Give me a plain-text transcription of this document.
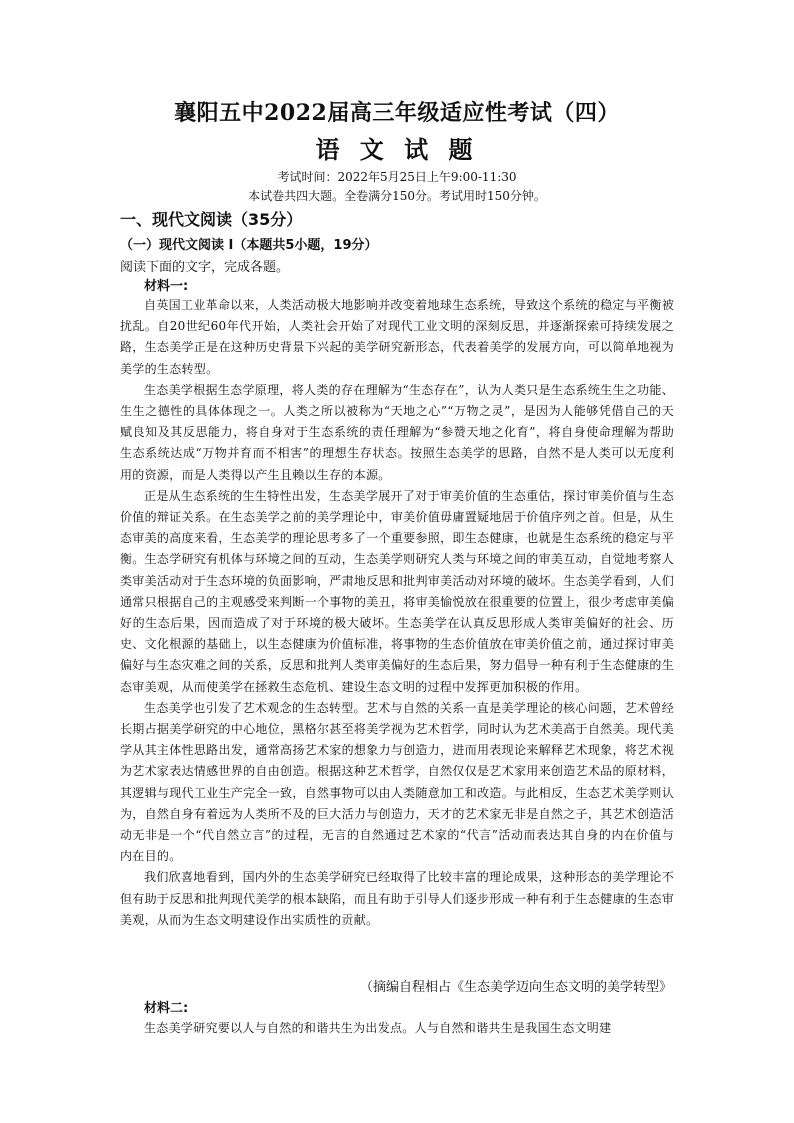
襄阳五中2022届高三年级适应性考试（四）
语 文 试 题
考试时间：2022年5月25日上午9:00-11:30
本试卷共四大题。全卷满分150分。考试用时150分钟。
一、现代文阅读（35分）
（一）现代文阅读 I（本题共5小题，19分）
阅读下面的文字，完成各题。
材料一:

自英国工业革命以来，人类活动极大地影响并改变着地球生态系统，导致这个系统的稳定与平衡被扰乱。自20世纪60年代开始，人类社会开始了对现代工业文明的深刻反思，并逐渐探索可持续发展之路，生态美学正是在这种历史背景下兴起的美学研究新形态，代表着美学的发展方向，可以简单地视为美学的生态转型。

生态美学根据生态学原理，将人类的存在理解为“生态存在”，认为人类只是生态系统生生之功能、生生之德性的具体体现之一。人类之所以被称为“天地之心”“万物之灵”，是因为人能够凭借自己的天赋良知及其反思能力，将自身对于生态系统的责任理解为“参赞天地之化育”，将自身使命理解为帮助生态系统达成“万物并育而不相害”的理想生存状态。按照生态美学的思路，自然不是人类可以无度利用的资源，而是人类得以产生且赖以生存的本源。

正是从生态系统的生生特性出发，生态美学展开了对于审美价值的生态重估，探讨审美价值与生态价值的辩证关系。在生态美学之前的美学理论中，审美价值毋庸置疑地居于价值序列之首。但是，从生态审美的高度来看，生态美学的理论思考多了一个重要参照，即生态健康，也就是生态系统的稳定与平衡。生态学研究有机体与环境之间的互动，生态美学则研究人类与环境之间的审美互动，自觉地考察人类审美活动对于生态环境的负面影响，严肃地反思和批判审美活动对环境的破坏。生态美学看到，人们通常只根据自己的主观感受来判断一个事物的美丑，将审美愉悦放在很重要的位置上，很少考虑审美偏好的生态后果，因而造成了对于环境的极大破坏。生态美学在认真反思形成人类审美偏好的社会、历史、文化根源的基础上，以生态健康为价值标准，将事物的生态价值放在审美价值之前，通过探讨审美偏好与生态灾难之间的关系，反思和批判人类审美偏好的生态后果，努力倡导一种有利于生态健康的生态审美观，从而使美学在拯救生态危机、建设生态文明的过程中发挥更加积极的作用。

生态美学也引发了艺术观念的生态转型。艺术与自然的关系一直是美学理论的核心问题，艺术曾经长期占据美学研究的中心地位，黑格尔甚至将美学视为艺术哲学，同时认为艺术美高于自然美。现代美学从其主体性思路出发，通常高扬艺术家的想象力与创造力，进而用表现论来解释艺术现象，将艺术视为艺术家表达情感世界的自由创造。根据这种艺术哲学，自然仅仅是艺术家用来创造艺术品的原材料，其逻辑与现代工业生产完全一致，自然事物可以由人类随意加工和改造。与此相反，生态艺术美学则认为，自然自身有着远为人类所不及的巨大活力与创造力，天才的艺术家无非是自然之子，其艺术创造活动无非是一个“代自然立言”的过程，无言的自然通过艺术家的“代言”活动而表达其自身的内在价值与内在目的。

我们欣喜地看到，国内外的生态美学研究已经取得了比较丰富的理论成果，这种形态的美学理论不但有助于反思和批判现代美学的根本缺陷，而且有助于引导人们逐步形成一种有利于生态健康的生态审美观，从而为生态文明建设作出实质性的贡献。

（摘编自程相占《生态美学迈向生态文明的美学转型》
材料二:

生态美学研究要以人与自然的和谐共生为出发点。人与自然和谐共生是我国生态文明建
